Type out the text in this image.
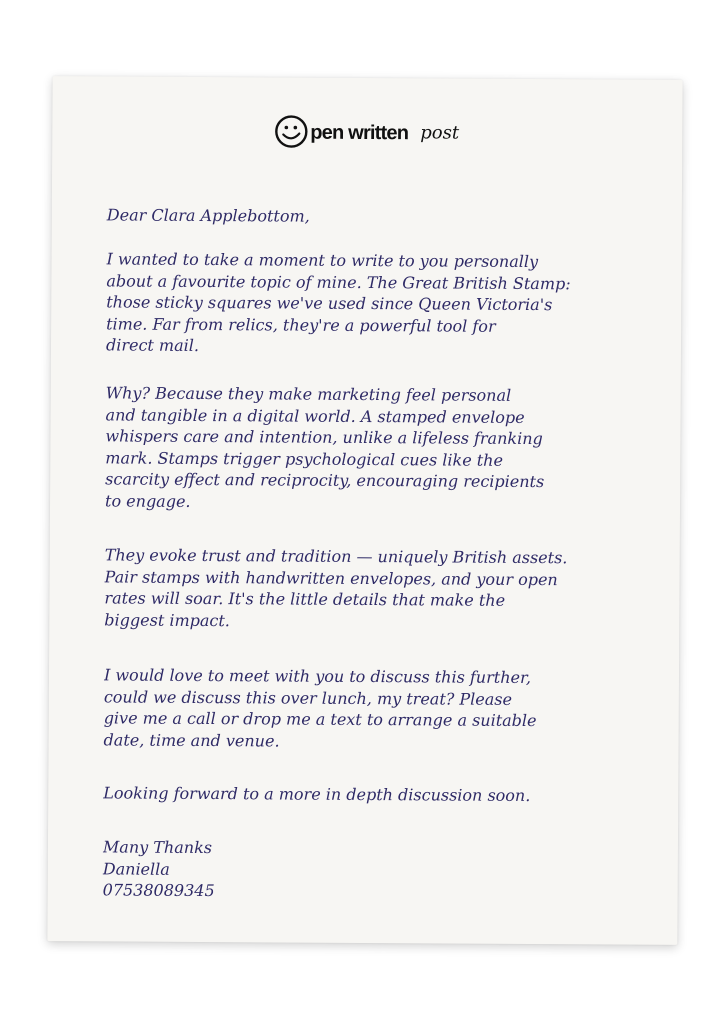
pen written post
Dear Clara Applebottom,
I wanted to take a moment to write to you personally
about a favourite topic of mine. The Great British Stamp:
those sticky squares we've used since Queen Victoria's
time. Far from relics, they're a powerful tool for
direct mail.
Why? Because they make marketing feel personal
and tangible in a digital world. A stamped envelope
whispers care and intention, unlike a lifeless franking
mark. Stamps trigger psychological cues like the
scarcity effect and reciprocity, encouraging recipients
to engage.
They evoke trust and tradition — uniquely British assets.
Pair stamps with handwritten envelopes, and your open
rates will soar. It's the little details that make the
biggest impact.
I would love to meet with you to discuss this further,
could we discuss this over lunch, my treat? Please
give me a call or drop me a text to arrange a suitable
date, time and venue.
Looking forward to a more in depth discussion soon.
Many Thanks
Daniella
07538089345
